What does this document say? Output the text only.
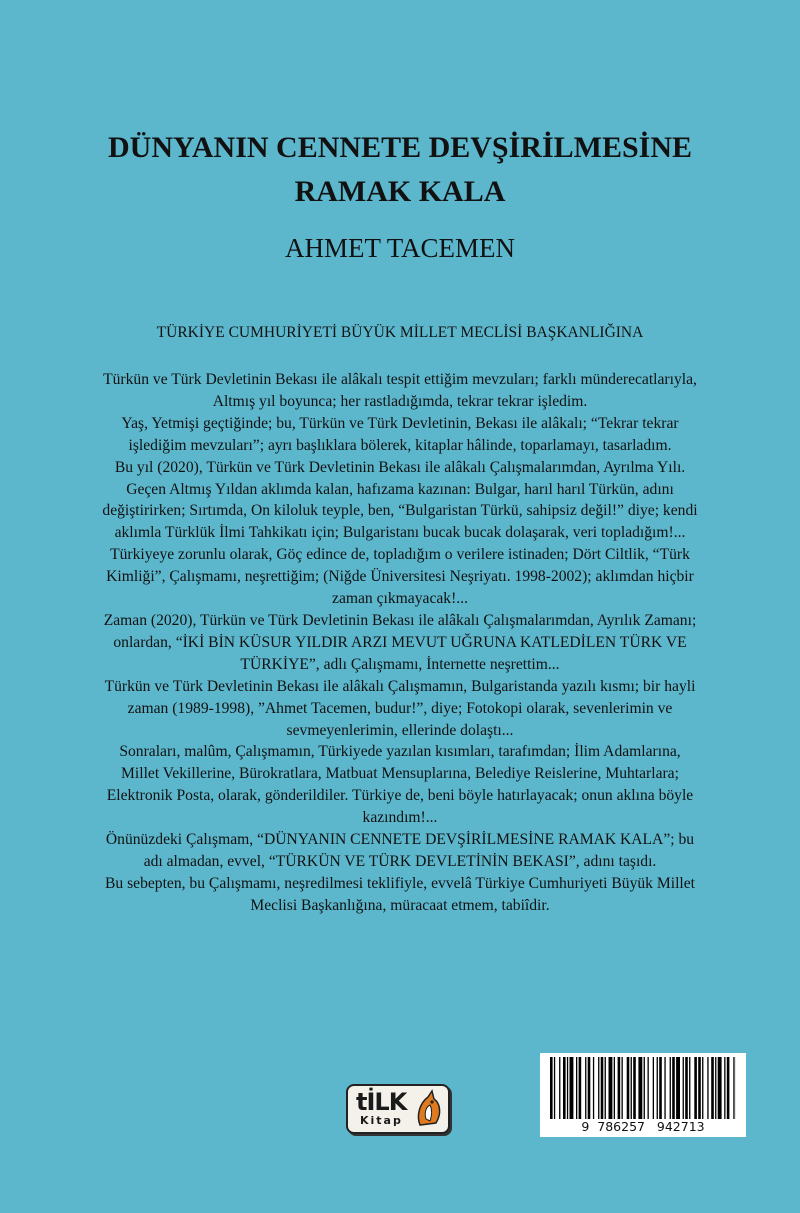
DÜNYANIN CENNETE DEVŞİRİLMESİNE
RAMAK KALA
AHMET TACEMEN
TÜRKİYE CUMHURİYETİ BÜYÜK MİLLET MECLİSİ BAŞKANLIĞINA

Türkün ve Türk Devletinin Bekası ile alâkalı tespit ettiğim mevzuları; farklı münderecatlarıyla,

Altmış yıl boyunca; her rastladığımda, tekrar tekrar işledim.

Yaş, Yetmişi geçtiğinde; bu, Türkün ve Türk Devletinin, Bekası ile alâkalı; “Tekrar tekrar

işlediğim mevzuları”; ayrı başlıklara bölerek, kitaplar hâlinde, toparlamayı, tasarladım.

Bu yıl (2020), Türkün ve Türk Devletinin Bekası ile alâkalı Çalışmalarımdan, Ayrılma Yılı.

Geçen Altmış Yıldan aklımda kalan, hafızama kazınan: Bulgar, harıl harıl Türkün, adını

değiştirirken; Sırtımda, On kiloluk teyple, ben, “Bulgaristan Türkü, sahipsiz değil!” diye; kendi

aklımla Türklük İlmi Tahkikatı için; Bulgaristanı bucak bucak dolaşarak, veri topladığım!...

Türkiyeye zorunlu olarak, Göç edince de, topladığım o verilere istinaden; Dört Ciltlik, “Türk

Kimliği”, Çalışmamı, neşrettiğim; (Niğde Üniversitesi Neşriyatı. 1998-2002); aklımdan hiçbir

zaman çıkmayacak!...

Zaman (2020), Türkün ve Türk Devletinin Bekası ile alâkalı Çalışmalarımdan, Ayrılık Zamanı;

onlardan, “İKİ BİN KÜSUR YILDIR ARZI MEVUT UĞRUNA KATLEDİLEN TÜRK VE

TÜRKİYE”, adlı Çalışmamı, İnternette neşrettim...

Türkün ve Türk Devletinin Bekası ile alâkalı Çalışmamın, Bulgaristanda yazılı kısmı; bir hayli

zaman (1989-1998), ”Ahmet Tacemen, budur!”, diye; Fotokopi olarak, sevenlerimin ve

sevmeyenlerimin, ellerinde dolaştı...

Sonraları, malûm, Çalışmamın, Türkiyede yazılan kısımları, tarafımdan; İlim Adamlarına,

Millet Vekillerine, Bürokratlara, Matbuat Mensuplarına, Belediye Reislerine, Muhtarlara;

Elektronik Posta, olarak, gönderildiler. Türkiye de, beni böyle hatırlayacak; onun aklına böyle

kazındım!...

Önünüzdeki Çalışmam, “DÜNYANIN CENNETE DEVŞİRİLMESİNE RAMAK KALA”; bu

adı almadan, evvel, “TÜRKÜN VE TÜRK DEVLETİNİN BEKASI”, adını taşıdı.

Bu sebepten, bu Çalışmamı, neşredilmesi teklifiyle, evvelâ Türkiye Cumhuriyeti Büyük Millet

Meclisi Başkanlığına, müracaat etmem, tabiîdir.

tİLK
Kitap	9  786257   942713
